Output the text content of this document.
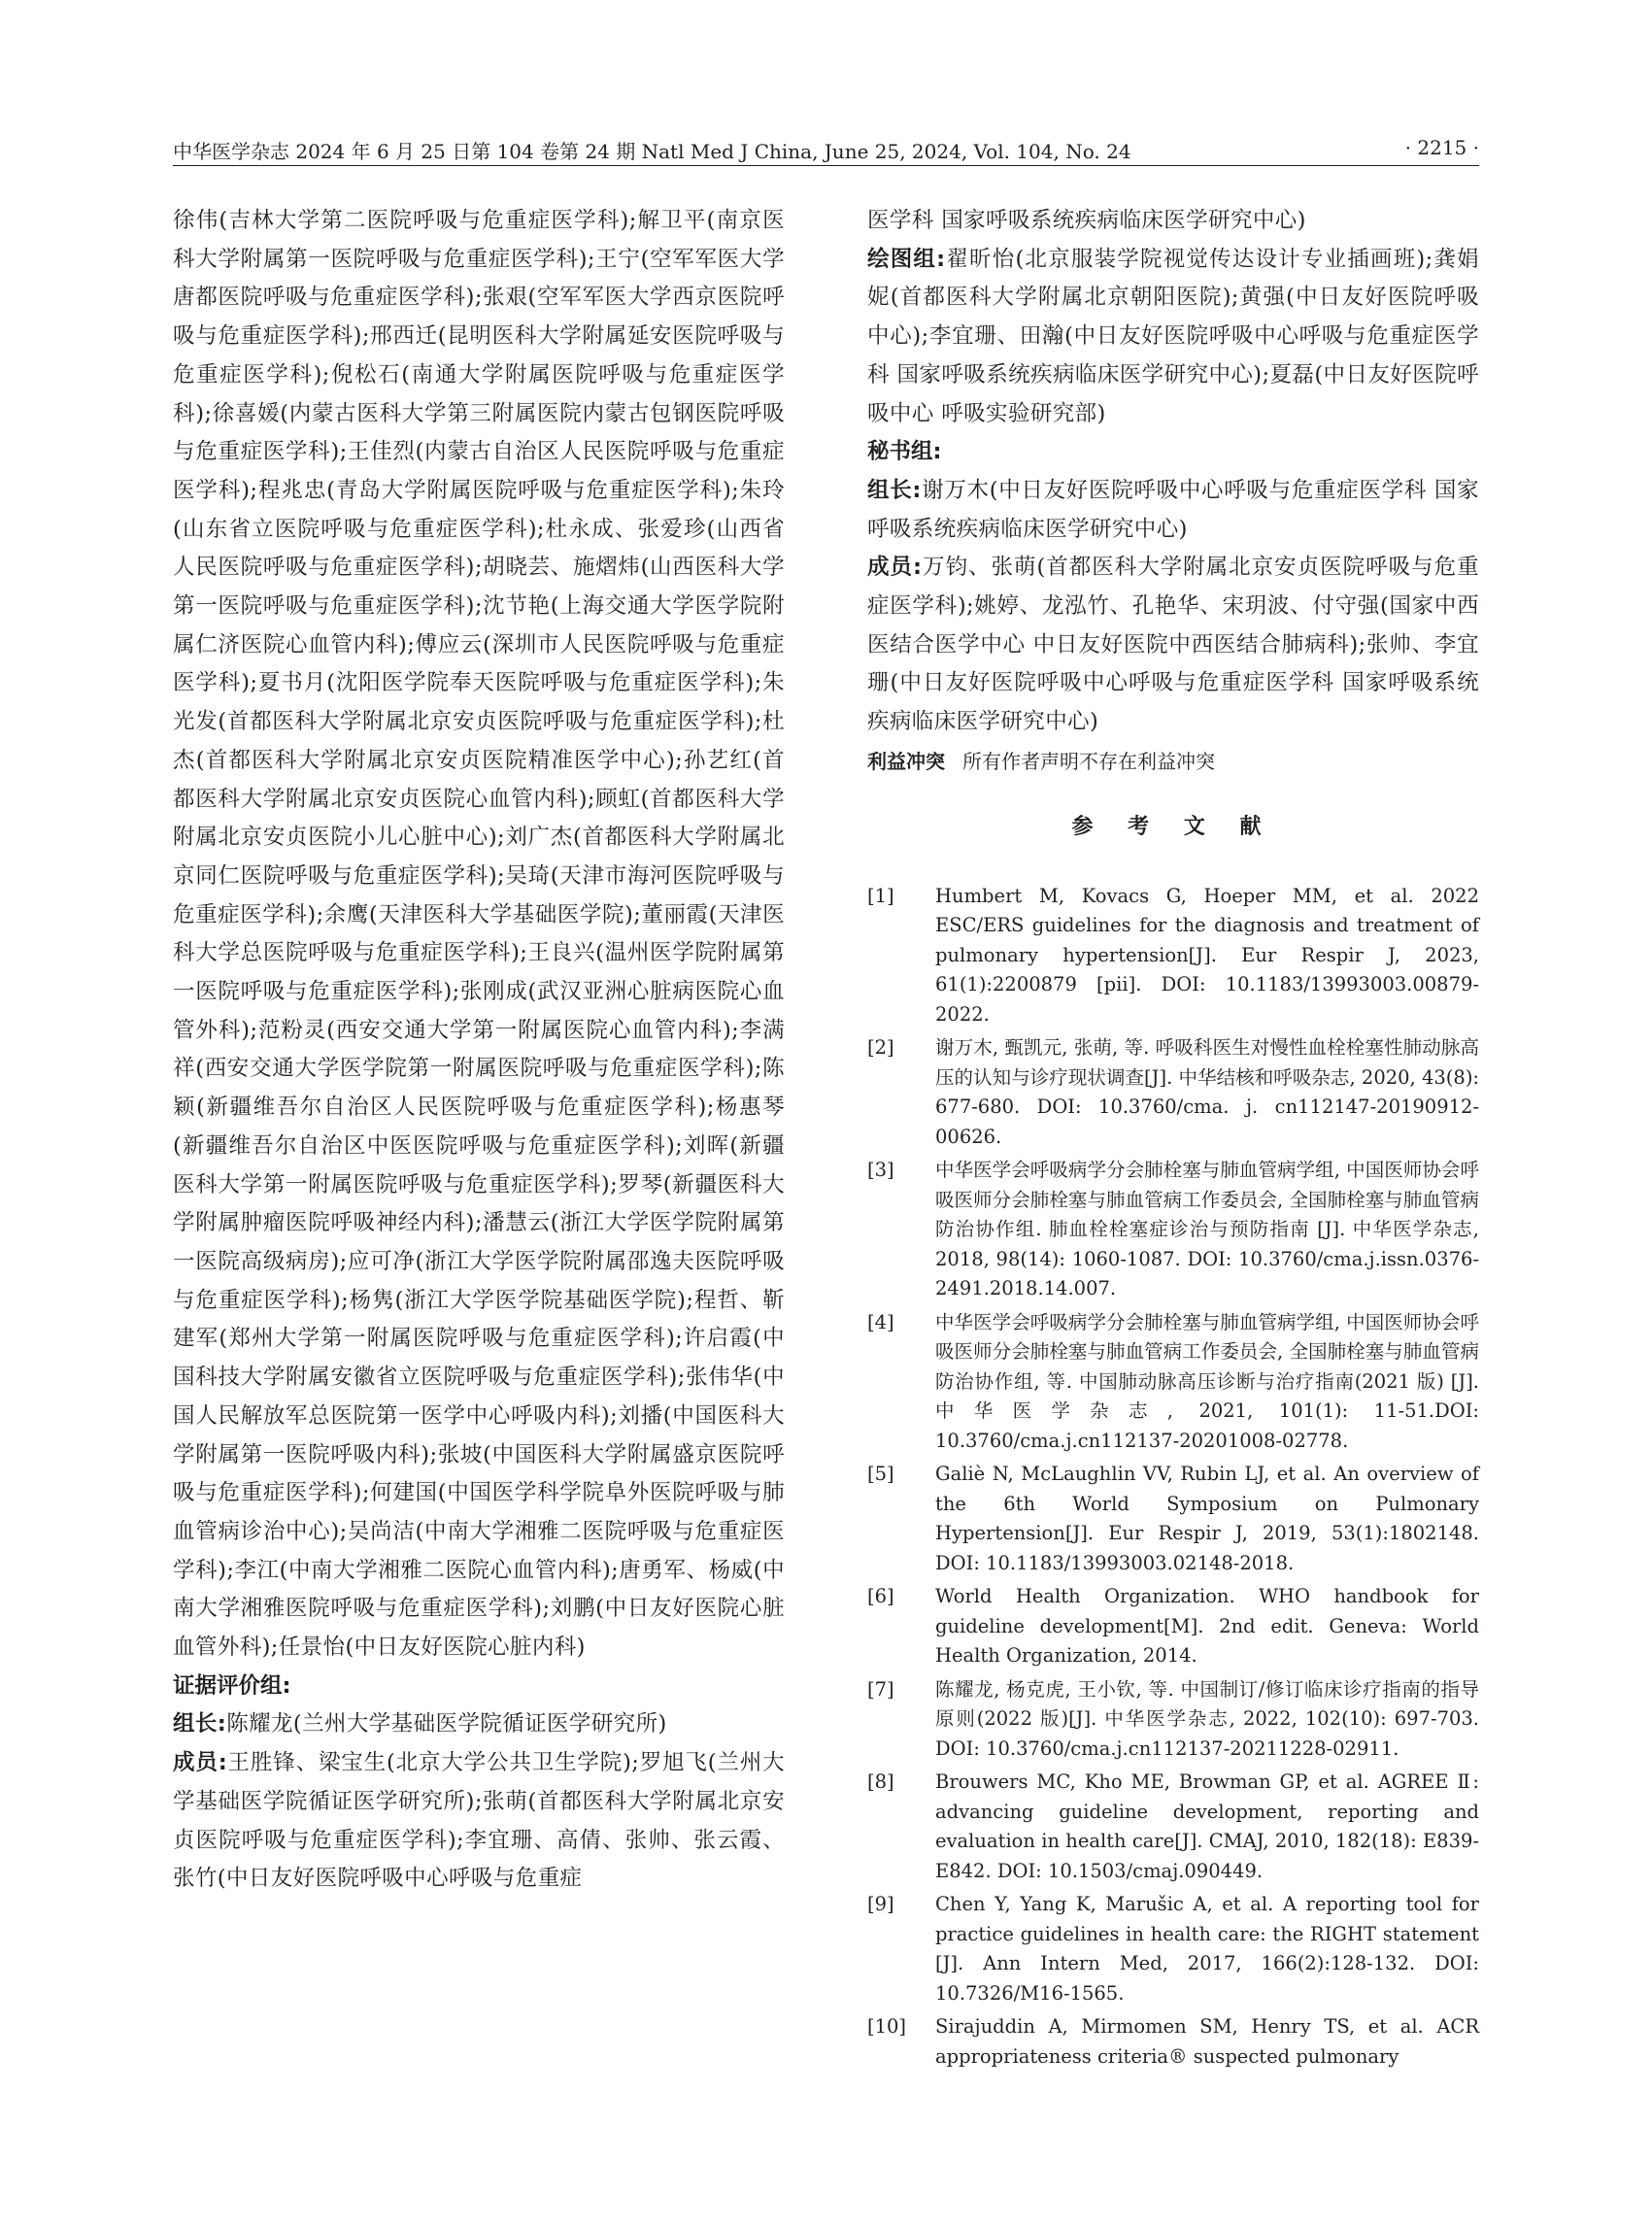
中华医学杂志 2024 年 6 月 25 日第 104 卷第 24 期 Natl Med J China, June 25, 2024, Vol. 104, No. 24	· 2215 ·

徐伟(吉林大学第二医院呼吸与危重症医学科);解卫平(南京医科大学附属第一医院呼吸与危重症医学科);王宁(空军军医大学唐都医院呼吸与危重症医学科);张艰(空军军医大学西京医院呼吸与危重症医学科);邢西迁(昆明医科大学附属延安医院呼吸与危重症医学科);倪松石(南通大学附属医院呼吸与危重症医学科);徐喜媛(内蒙古医科大学第三附属医院内蒙古包钢医院呼吸与危重症医学科);王佳烈(内蒙古自治区人民医院呼吸与危重症医学科);程兆忠(青岛大学附属医院呼吸与危重症医学科);朱玲(山东省立医院呼吸与危重症医学科);杜永成、张爱珍(山西省人民医院呼吸与危重症医学科);胡晓芸、施熠炜(山西医科大学第一医院呼吸与危重症医学科);沈节艳(上海交通大学医学院附属仁济医院心血管内科);傅应云(深圳市人民医院呼吸与危重症医学科);夏书月(沈阳医学院奉天医院呼吸与危重症医学科);朱光发(首都医科大学附属北京安贞医院呼吸与危重症医学科);杜杰(首都医科大学附属北京安贞医院精准医学中心);孙艺红(首都医科大学附属北京安贞医院心血管内科);顾虹(首都医科大学附属北京安贞医院小儿心脏中心);刘广杰(首都医科大学附属北京同仁医院呼吸与危重症医学科);吴琦(天津市海河医院呼吸与危重症医学科);余鹰(天津医科大学基础医学院);董丽霞(天津医科大学总医院呼吸与危重症医学科);王良兴(温州医学院附属第一医院呼吸与危重症医学科);张刚成(武汉亚洲心脏病医院心血管外科);范粉灵(西安交通大学第一附属医院心血管内科);李满祥(西安交通大学医学院第一附属医院呼吸与危重症医学科);陈颖(新疆维吾尔自治区人民医院呼吸与危重症医学科);杨惠琴(新疆维吾尔自治区中医医院呼吸与危重症医学科);刘晖(新疆医科大学第一附属医院呼吸与危重症医学科);罗琴(新疆医科大学附属肿瘤医院呼吸神经内科);潘慧云(浙江大学医学院附属第一医院高级病房);应可净(浙江大学医学院附属邵逸夫医院呼吸与危重症医学科);杨隽(浙江大学医学院基础医学院);程哲、靳建军(郑州大学第一附属医院呼吸与危重症医学科);许启霞(中国科技大学附属安徽省立医院呼吸与危重症医学科);张伟华(中国人民解放军总医院第一医学中心呼吸内科);刘播(中国医科大学附属第一医院呼吸内科);张坡(中国医科大学附属盛京医院呼吸与危重症医学科);何建国(中国医学科学院阜外医院呼吸与肺血管病诊治中心);吴尚洁(中南大学湘雅二医院呼吸与危重症医学科);李江(中南大学湘雅二医院心血管内科);唐勇军、杨威(中南大学湘雅医院呼吸与危重症医学科);刘鹏(中日友好医院心脏血管外科);任景怡(中日友好医院心脏内科)

证据评价组:

组长:陈耀龙(兰州大学基础医学院循证医学研究所)

成员:王胜锋、梁宝生(北京大学公共卫生学院);罗旭飞(兰州大学基础医学院循证医学研究所);张萌(首都医科大学附属北京安贞医院呼吸与危重症医学科);李宜珊、高倩、张帅、张云霞、张竹(中日友好医院呼吸中心呼吸与危重症

医学科 国家呼吸系统疾病临床医学研究中心)

绘图组:翟昕怡(北京服装学院视觉传达设计专业插画班);龚娟妮(首都医科大学附属北京朝阳医院);黄强(中日友好医院呼吸中心);李宜珊、田瀚(中日友好医院呼吸中心呼吸与危重症医学科 国家呼吸系统疾病临床医学研究中心);夏磊(中日友好医院呼吸中心 呼吸实验研究部)

秘书组:

组长:谢万木(中日友好医院呼吸中心呼吸与危重症医学科 国家呼吸系统疾病临床医学研究中心)

成员:万钧、张萌(首都医科大学附属北京安贞医院呼吸与危重症医学科);姚婷、龙泓竹、孔艳华、宋玥波、付守强(国家中西医结合医学中心 中日友好医院中西医结合肺病科);张帅、李宜珊(中日友好医院呼吸中心呼吸与危重症医学科 国家呼吸系统疾病临床医学研究中心)

利益冲突 所有作者声明不存在利益冲突

参 考 文 献
[1]	Humbert M, Kovacs G, Hoeper MM, et al. 2022 ESC/ERS guidelines for the diagnosis and treatment of pulmonary hypertension[J]. Eur Respir J, 2023, 61(1):2200879 [pii]. DOI: 10.1183/13993003.00879-2022.
[2]	谢万木, 甄凯元, 张萌, 等. 呼吸科医生对慢性血栓栓塞性肺动脉高压的认知与诊疗现状调查[J]. 中华结核和呼吸杂志, 2020, 43(8): 677-680. DOI: 10.3760/cma. j. cn112147-20190912-00626.
[3]	中华医学会呼吸病学分会肺栓塞与肺血管病学组, 中国医师协会呼吸医师分会肺栓塞与肺血管病工作委员会, 全国肺栓塞与肺血管病防治协作组. 肺血栓栓塞症诊治与预防指南 [J]. 中华医学杂志, 2018, 98(14): 1060-1087. DOI: 10.3760/cma.j.issn.0376-2491.2018.14.007.
[4]	中华医学会呼吸病学分会肺栓塞与肺血管病学组, 中国医师协会呼吸医师分会肺栓塞与肺血管病工作委员会, 全国肺栓塞与肺血管病防治协作组, 等. 中国肺动脉高压诊断与治疗指南(2021 版) [J]. 中华医学杂志, 2021, 101(1): 11-51.DOI: 10.3760/cma.j.cn112137-20201008-02778.
[5]	Galiè N, McLaughlin VV, Rubin LJ, et al. An overview of the 6th World Symposium on Pulmonary Hypertension[J]. Eur Respir J, 2019, 53(1):1802148. DOI: 10.1183/13993003.02148-2018.
[6]	World Health Organization. WHO handbook for guideline development[M]. 2nd edit. Geneva: World Health Organization, 2014.
[7]	陈耀龙, 杨克虎, 王小钦, 等. 中国制订/修订临床诊疗指南的指导原则(2022 版)[J]. 中华医学杂志, 2022, 102(10): 697-703. DOI: 10.3760/cma.j.cn112137-20211228-02911.
[8]	Brouwers MC, Kho ME, Browman GP, et al. AGREE Ⅱ: advancing guideline development, reporting and evaluation in health care[J]. CMAJ, 2010, 182(18): E839-E842. DOI: 10.1503/cmaj.090449.
[9]	Chen Y, Yang K, Marušic A, et al. A reporting tool for practice guidelines in health care: the RIGHT statement [J]. Ann Intern Med, 2017, 166(2):128-132. DOI: 10.7326/M16-1565.
[10]	Sirajuddin A, Mirmomen SM, Henry TS, et al. ACR appropriateness criteria® suspected pulmonary
